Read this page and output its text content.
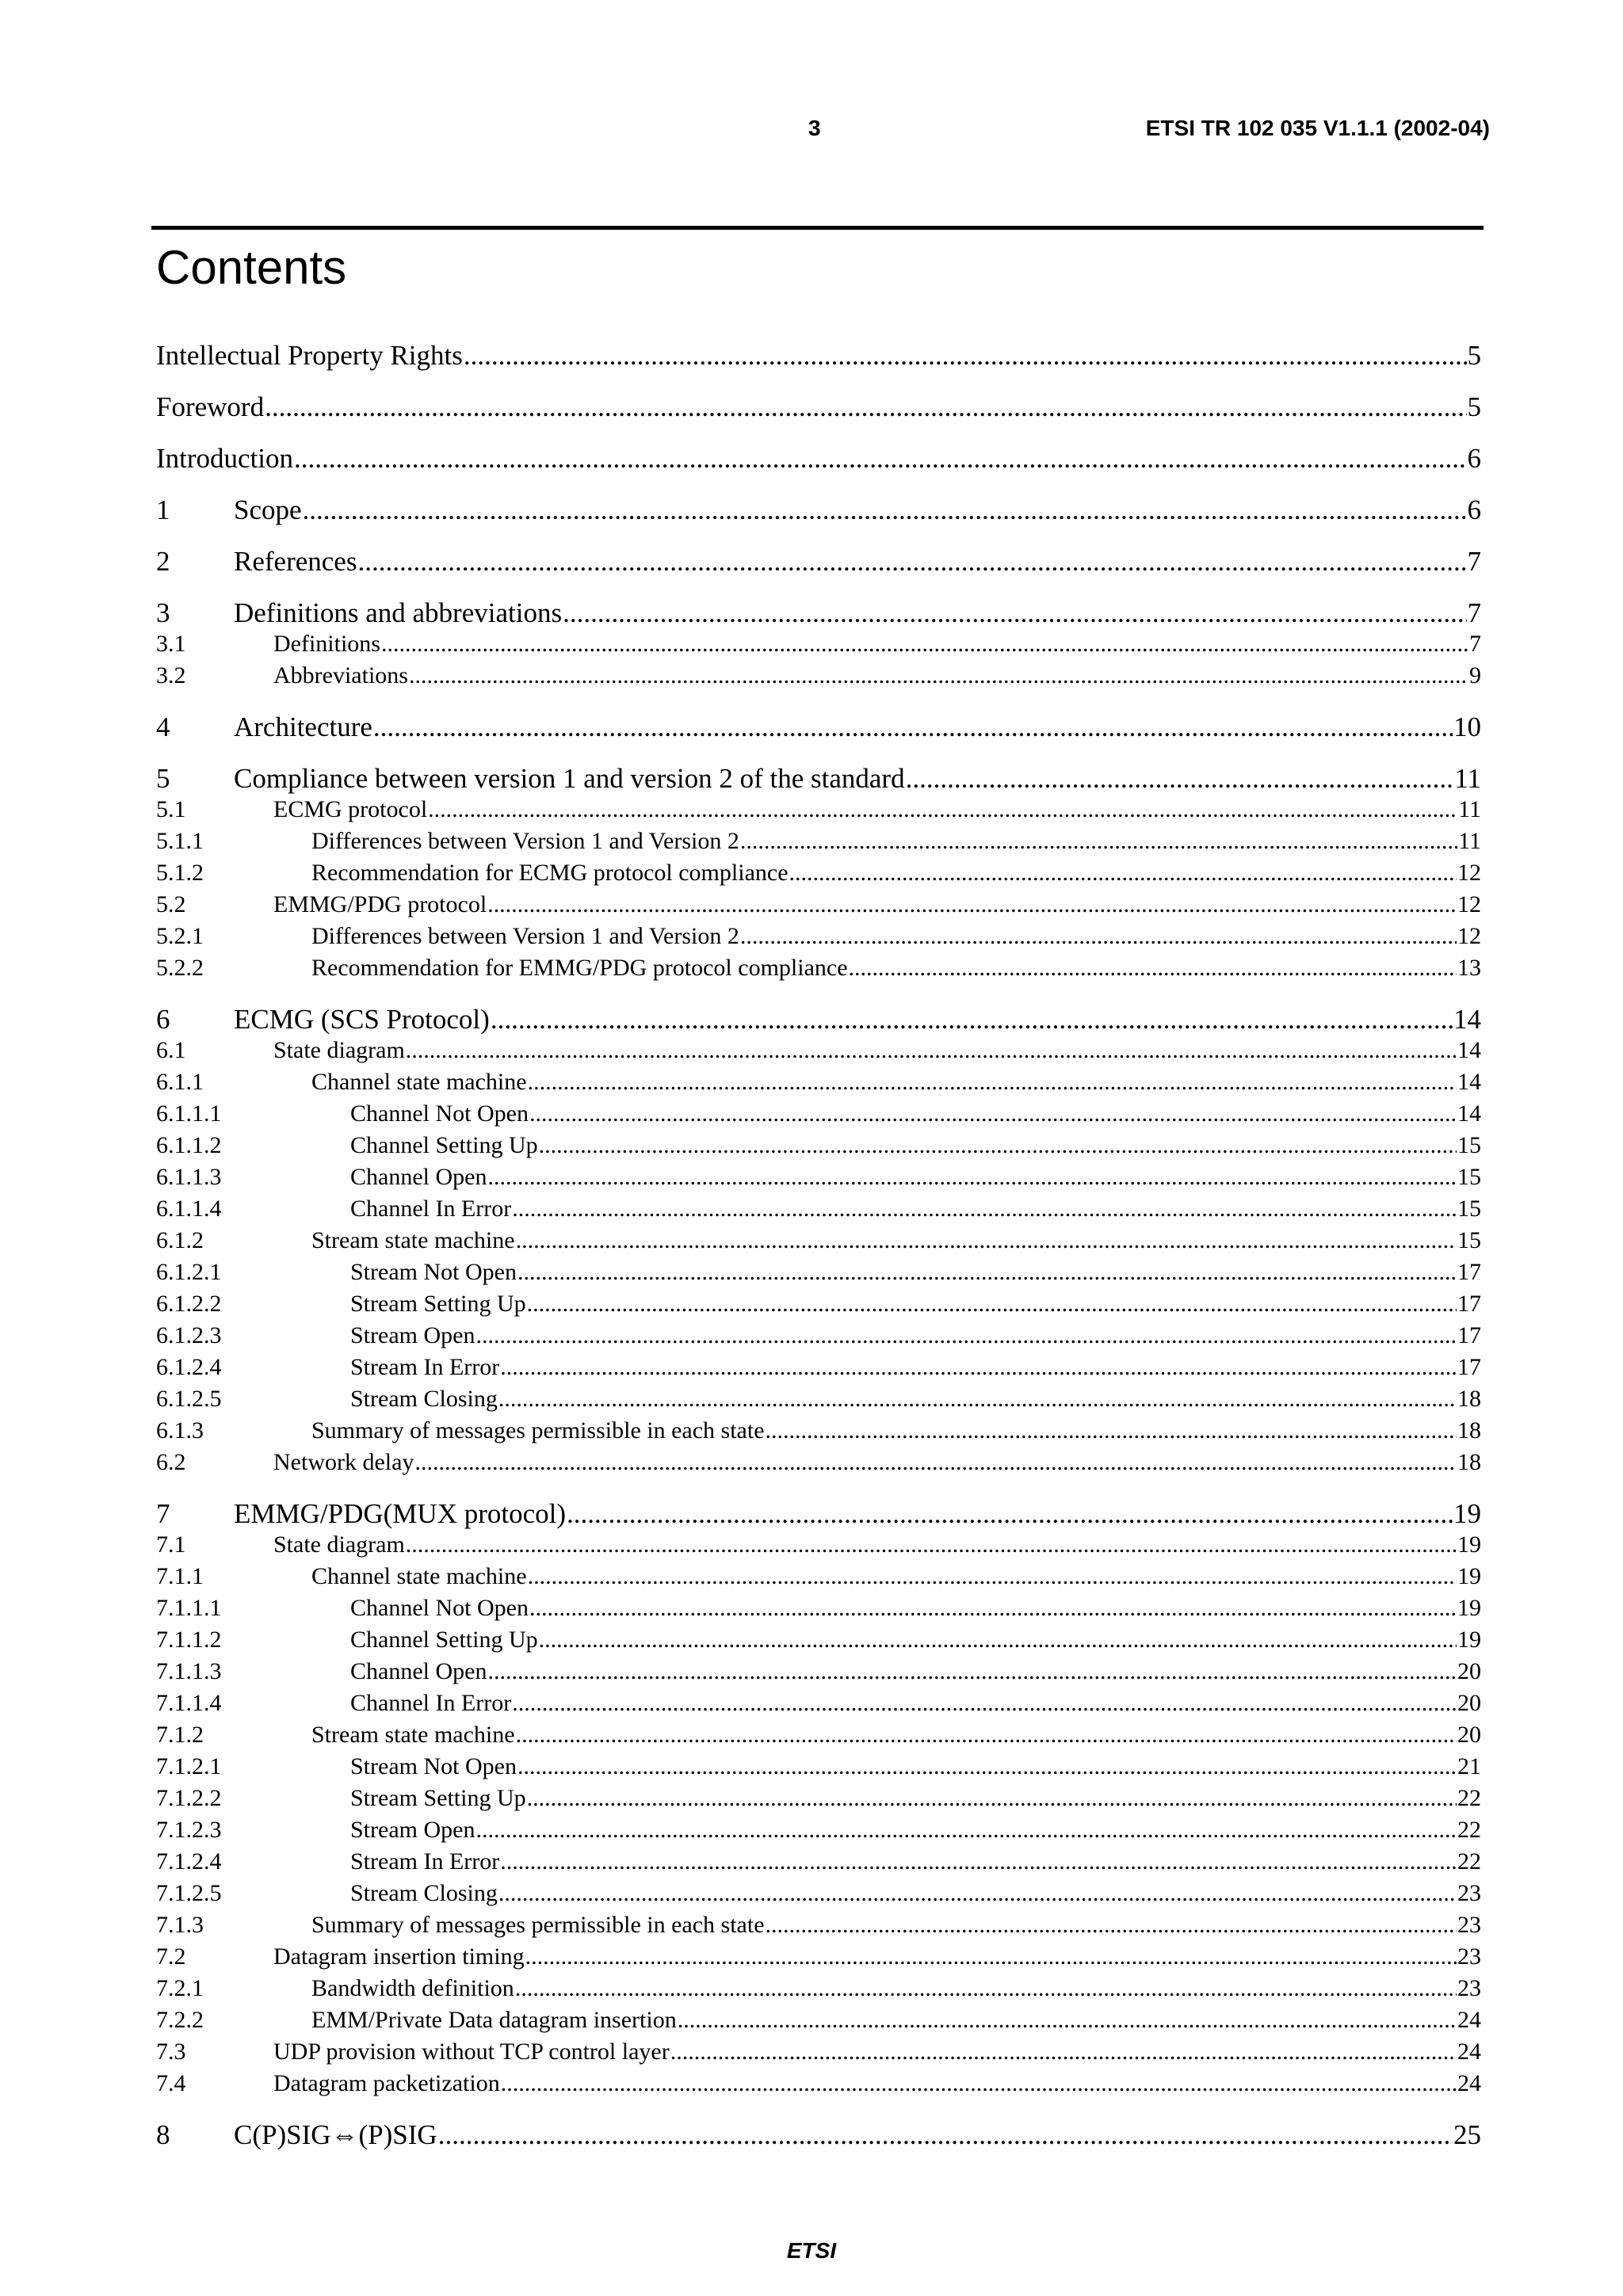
3	ETSI TR 102 035 V1.1.1 (2002-04)
Contents
Intellectual Property Rights .....	5
Foreword .....	5
Introduction .....	6
1	Scope .....	6
2	References .....	7
3	Definitions and abbreviations .....	7
3.1	Definitions .....	7
3.2	Abbreviations .....	9
4	Architecture .....	10
5	Compliance between version 1 and version 2 of the standard .....	11
5.1	ECMG protocol .....	11
5.1.1	Differences between Version 1 and Version 2 .....	11
5.1.2	Recommendation for ECMG protocol compliance .....	12
5.2	EMMG/PDG protocol .....	12
5.2.1	Differences between Version 1 and Version 2 .....	12
5.2.2	Recommendation for EMMG/PDG protocol compliance .....	13
6	ECMG (SCS Protocol) .....	14
6.1	State diagram .....	14
6.1.1	Channel state machine .....	14
6.1.1.1	Channel Not Open .....	14
6.1.1.2	Channel Setting Up .....	15
6.1.1.3	Channel Open .....	15
6.1.1.4	Channel In Error .....	15
6.1.2	Stream state machine .....	15
6.1.2.1	Stream Not Open .....	17
6.1.2.2	Stream Setting Up .....	17
6.1.2.3	Stream Open .....	17
6.1.2.4	Stream In Error .....	17
6.1.2.5	Stream Closing .....	18
6.1.3	Summary of messages permissible in each state .....	18
6.2	Network delay .....	18
7	EMMG/PDG(MUX protocol) .....	19
7.1	State diagram .....	19
7.1.1	Channel state machine .....	19
7.1.1.1	Channel Not Open .....	19
7.1.1.2	Channel Setting Up .....	19
7.1.1.3	Channel Open .....	20
7.1.1.4	Channel In Error .....	20
7.1.2	Stream state machine .....	20
7.1.2.1	Stream Not Open .....	21
7.1.2.2	Stream Setting Up .....	22
7.1.2.3	Stream Open .....	22
7.1.2.4	Stream In Error .....	22
7.1.2.5	Stream Closing .....	23
7.1.3	Summary of messages permissible in each state .....	23
7.2	Datagram insertion timing .....	23
7.2.1	Bandwidth definition .....	23
7.2.2	EMM/Private Data datagram insertion .....	24
7.3	UDP provision without TCP control layer .....	24
7.4	Datagram packetization .....	24
8	C(P)SIG⇔(P)SIG .....	25
ETSI
